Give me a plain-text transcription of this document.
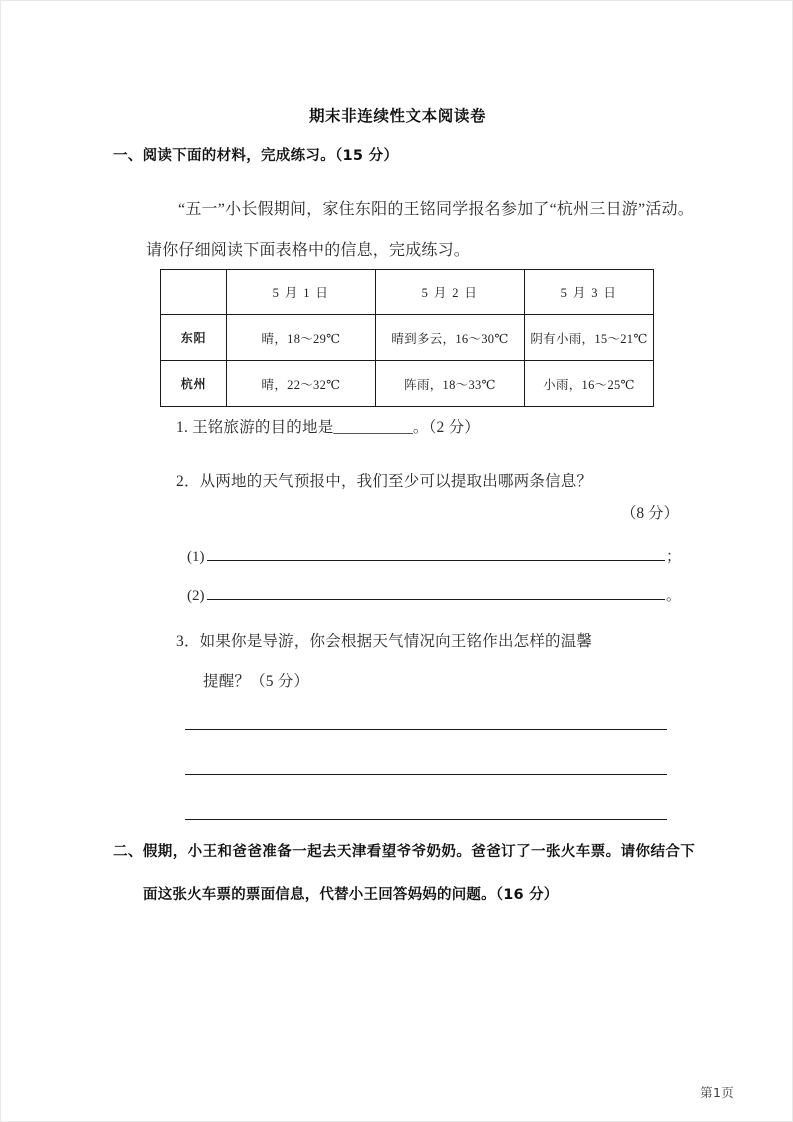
期末非连续性文本阅读卷
一、阅读下面的材料，完成练习。（15 分）
“五一”小长假期间，家住东阳的王铭同学报名参加了“杭州三日游”活动。请你仔细阅读下面表格中的信息，完成练习。
	5 月 1 日	5 月 2 日	5 月 3 日
东阳	晴，18～29℃	晴到多云，16～30℃	阴有小雨，15～21℃
杭州	晴，22～32℃	阵雨，18～33℃	小雨，16～25℃
1. 王铭旅游的目的地是__________。（2 分）
2．从两地的天气预报中，我们至少可以提取出哪两条信息？
（8 分）
(1)	；
(2)	。
3．如果你是导游，你会根据天气情况向王铭作出怎样的温馨
提醒？（5 分）
二、假期，小王和爸爸准备一起去天津看望爷爷奶奶。爸爸订了一张火车票。请你结合下面这张火车票的票面信息，代替小王回答妈妈的问题。（16 分）
第1页
